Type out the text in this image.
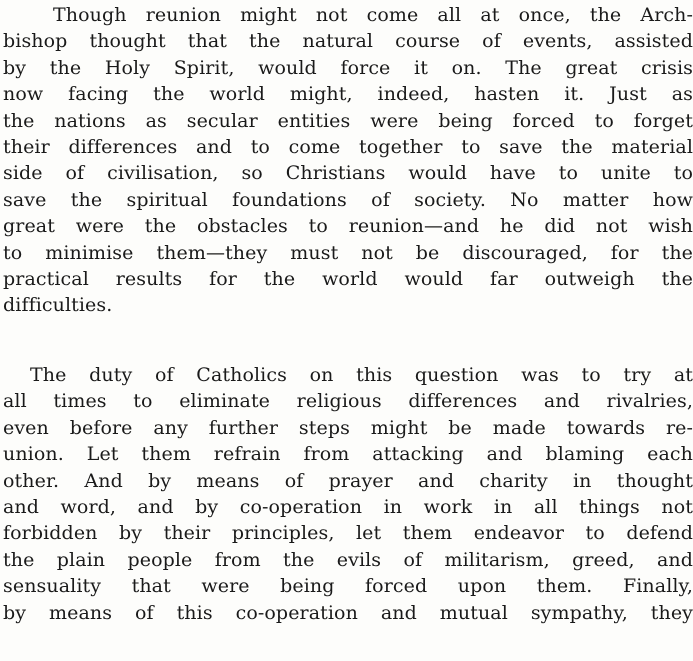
Though reunion might not come all at once, the Arch-
bishop thought that the natural course of events, assisted
by the Holy Spirit, would force it on. The great crisis
now facing the world might, indeed, hasten it. Just as
the nations as secular entities were being forced to forget
their differences and to come together to save the material
side of civilisation, so Christians would have to unite to
save the spiritual foundations of society. No matter how
great were the obstacles to reunion—and he did not wish
to minimise them—they must not be discouraged, for the
practical results for the world would far outweigh the
difficulties.
The duty of Catholics on this question was to try at
all times to eliminate religious differences and rivalries,
even before any further steps might be made towards re-
union. Let them refrain from attacking and blaming each
other. And by means of prayer and charity in thought
and word, and by co-operation in work in all things not
forbidden by their principles, let them endeavor to defend
the plain people from the evils of militarism, greed, and
sensuality that were being forced upon them. Finally,
by means of this co-operation and mutual sympathy, they
